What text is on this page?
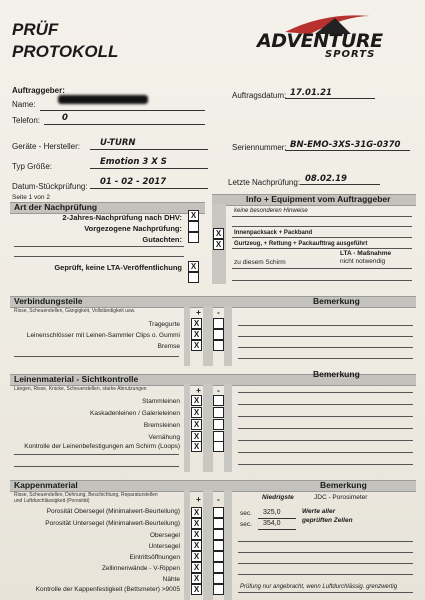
PRÜF
PROTOKOLL	ADVENTURE
SPORTS
Auftraggeber:
Name:
Telefon:	0
Auftragsdatum: 17.01.21
Geräte - Hersteller: U-TURN
Typ Größe:	Emotion 3 X S
Seriennummer: BN-EMO-3XS-31G-0370
Datum-Stückprüfung: 01 - 02 - 2017	Letzte Nachprüfung: 08.02.19
Seite 1 von 2
Art der Nachprüfung
2-Jahres-Nachprüfung nach DHV:	X
Vorgezogene Nachprüfung:
Gutachten:
Geprüft, keine LTA-Veröffentlichung	X
Info + Equipment vom Auftraggeber
keine besonderen Hinweise
X	Innenpacksack + Packband
X	Gurtzeug, + Rettung + Packaufttrag ausgeführt
LTA - Maßnahme
nicht notwendig
zu diesem Schirm
Verbindungsteile
+ -
Bemerkung
Risse, Scheuerstellen, Gängigkeit, Vollständigkeit usw.
Tragegurte	X
Leinenschlösser mit Leinen-Sammler Clips o. Gummi	X
Bremse	X
Leinenmaterial - Sichtkontrolle
+ -
Bemerkung
Längen, Risse, Knicke, Scheuerstellen, starke Abnutzungen
Stammleinen	X
Kaskadenleinen / Galerieleinen	X
Bremsleinen	X
Vernähung	X
Kontrolle der Leinenbefestigungen am Schirm (Loops)	X
Kappenmaterial
+ -
Bemerkung
Risse, Scheuerstellen, Dehnung, Beschichtung, Reparaturstellen
und Luftdurchlässigkeit (Porosität)	Niedrigste	JDC - Porosimeter
sec. 325,0
sec. 354,0
Werte aller
geprüften Zellen
Porosität Obersegel (Minimalwert-Beurteilung)	X
Porosität Untersegel (Minimalwert-Beurteilung)	X
Obersegel	X
Untersegel	X
Eintrittsöffnungen	X
Zellinnenwände - V-Rippen	X
Nähte	X
Kontrolle der Kappenfestigkeit (Bettsmeter) >9005	X	Prüfung nur angebracht, wenn Luftdurchlässig. grenzwertig
